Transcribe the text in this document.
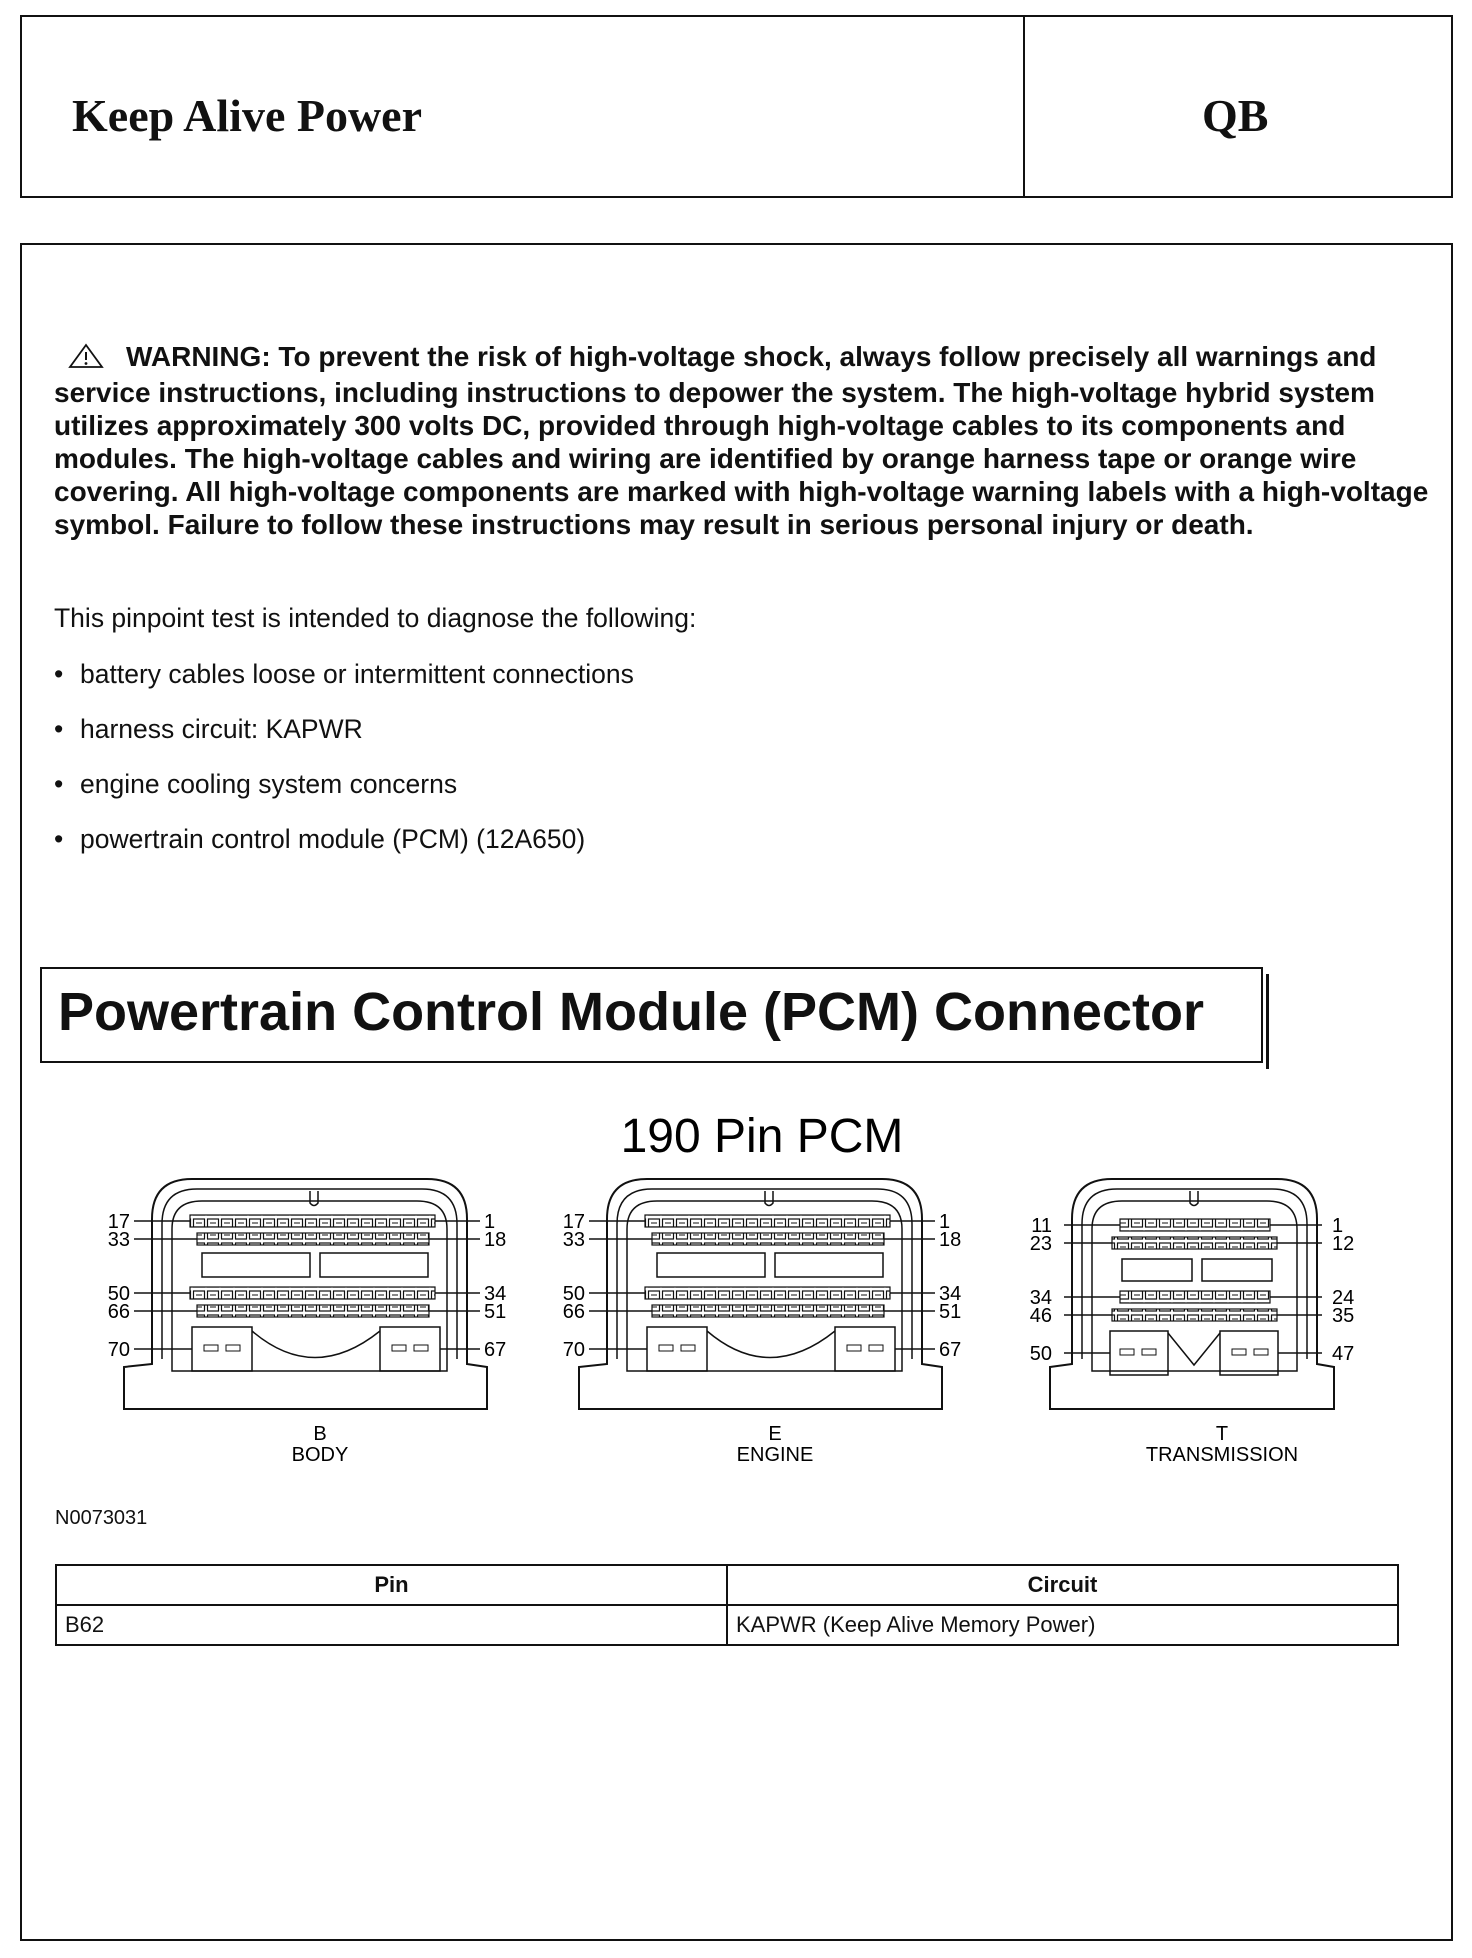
Keep Alive Power	QB
WARNING: To prevent the risk of high-voltage shock, always follow precisely all warnings and service instructions, including instructions to depower the system. The high-voltage hybrid system utilizes approximately 300 volts DC, provided through high-voltage cables to its components and modules. The high-voltage cables and wiring are identified by orange harness tape or orange wire covering. All high-voltage components are marked with high-voltage warning labels with a high-voltage symbol. Failure to follow these instructions may result in serious personal injury or death.
This pinpoint test is intended to diagnose the following:
• battery cables loose or intermittent connections
• harness circuit: KAPWR
• engine cooling system concerns
• powertrain control module (PCM) (12A650)
Powertrain Control Module (PCM) Connector
190 Pin PCM
17
33
50
66
70
1
18
34
51
67
B
BODY
17
33
50
66
70
1
18
34
51
67
E
ENGINE
11
23
34
46
50
1
12
24
35
47
T
TRANSMISSION
N0073031
Pin	Circuit
B62	KAPWR (Keep Alive Memory Power)
